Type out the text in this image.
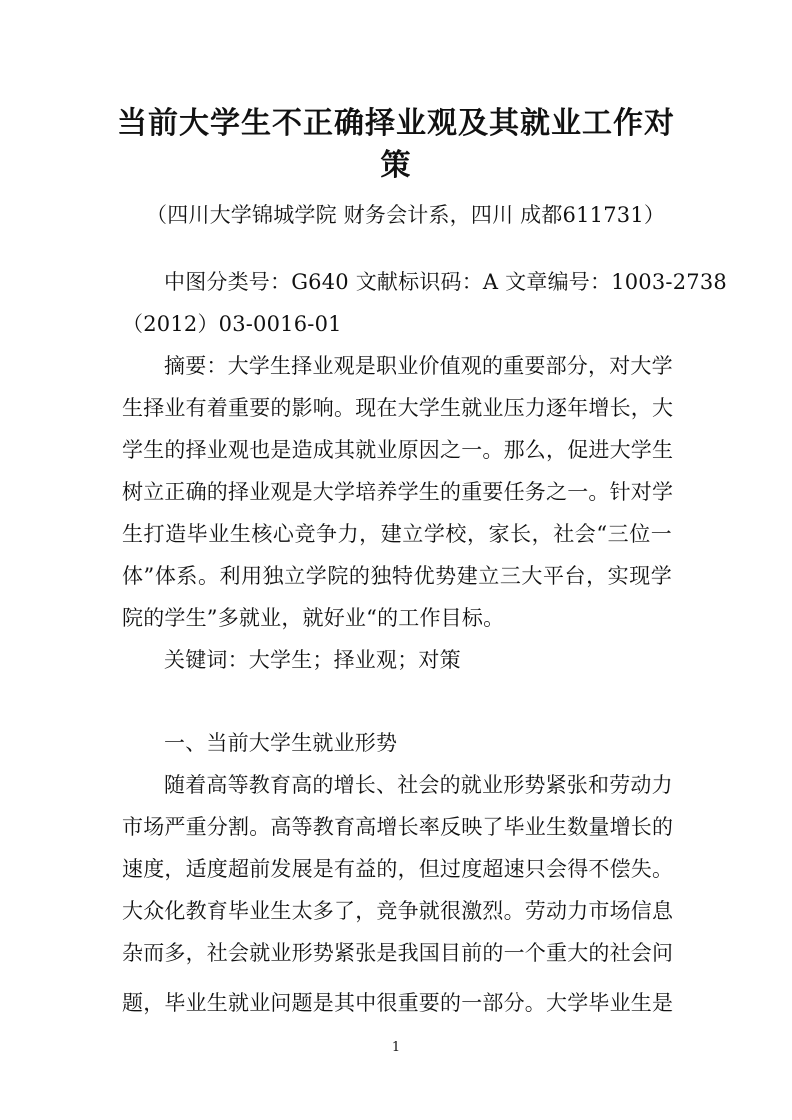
当前大学生不正确择业观及其就业工作对
策
（四川大学锦城学院 财务会计系，四川 成都611731）
中图分类号：G640 文献标识码：A 文章编号：1003-2738
（2012）03-0016-01
摘要：大学生择业观是职业价值观的重要部分，对大学
生择业有着重要的影响。现在大学生就业压力逐年增长，大
学生的择业观也是造成其就业原因之一。那么，促进大学生
树立正确的择业观是大学培养学生的重要任务之一。针对学
生打造毕业生核心竞争力，建立学校，家长，社会“三位一
体”体系。利用独立学院的独特优势建立三大平台，实现学
院的学生”多就业，就好业“的工作目标。
关键词：大学生；择业观；对策
一、当前大学生就业形势
随着高等教育高的增长、社会的就业形势紧张和劳动力
市场严重分割。高等教育高增长率反映了毕业生数量增长的
速度，适度超前发展是有益的，但过度超速只会得不偿失。
大众化教育毕业生太多了，竞争就很激烈。劳动力市场信息
杂而多，社会就业形势紧张是我国目前的一个重大的社会问
题，毕业生就业问题是其中很重要的一部分。大学毕业生是
1
